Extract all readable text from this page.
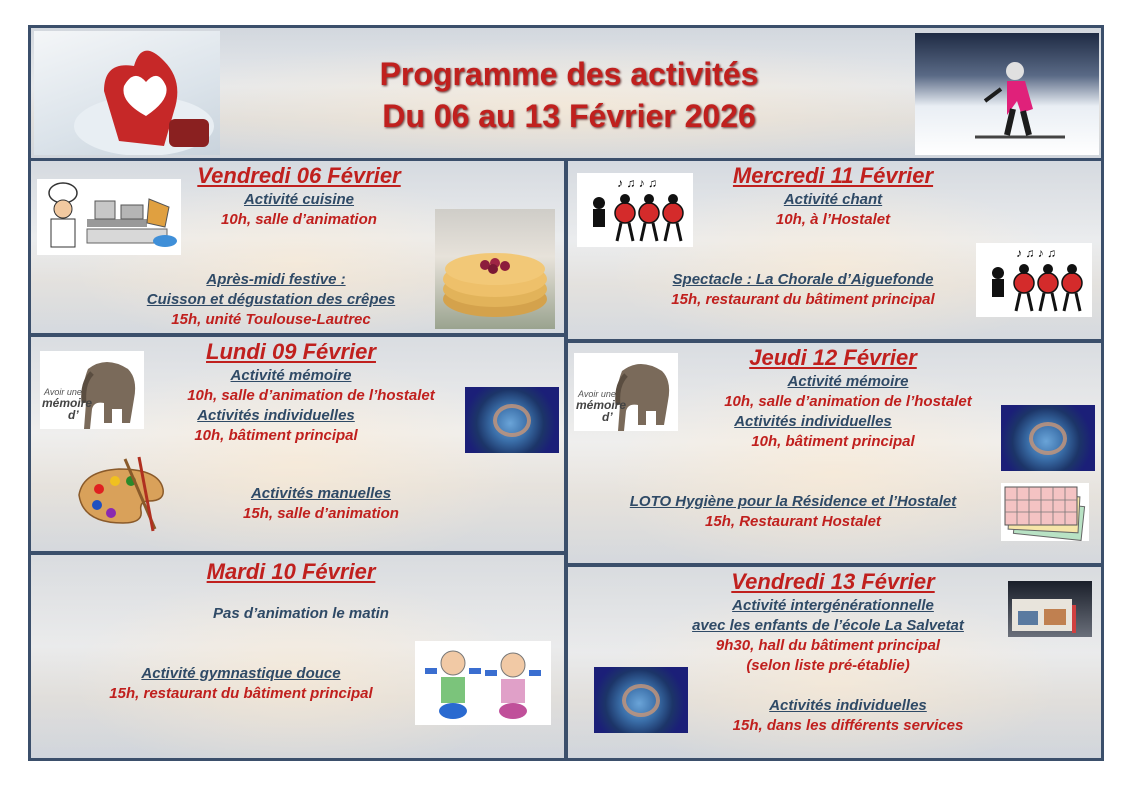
Programme des activités
Du 06 au 13 Février 2026
Vendredi 06 Février
Activité cuisine
10h, salle d’animation
Après-midi festive :
Cuisson et dégustation des crêpes
15h, unité Toulouse-Lautrec
♪ ♫ ♪ ♫	Mercredi 11 Février
Activité chant
10h, à l’Hostalet
♪ ♫ ♪ ♫
Spectacle : La Chorale d’Aiguefonde
15h, restaurant du bâtiment principal
Avoir une
mémoire
d’
Lundi 09 Février
Activité mémoire
10h, salle d’animation de l’hostalet
Activités individuelles
10h, bâtiment principal
Activités manuelles
15h, salle d’animation
Avoir une
mémoire
d’
Jeudi 12 Février
Activité mémoire
10h, salle d’animation de l’hostalet
Activités individuelles
10h, bâtiment principal
LOTO Hygiène pour la Résidence et l’Hostalet
15h, Restaurant Hostalet
Mardi 10 Février
Pas d’animation le matin
Activité gymnastique douce
15h, restaurant du bâtiment principal
Vendredi 13 Février
Activité intergénérationnelle
avec les enfants de l’école La Salvetat
9h30, hall du bâtiment principal
(selon liste pré-établie)
Activités individuelles
15h, dans les différents services
